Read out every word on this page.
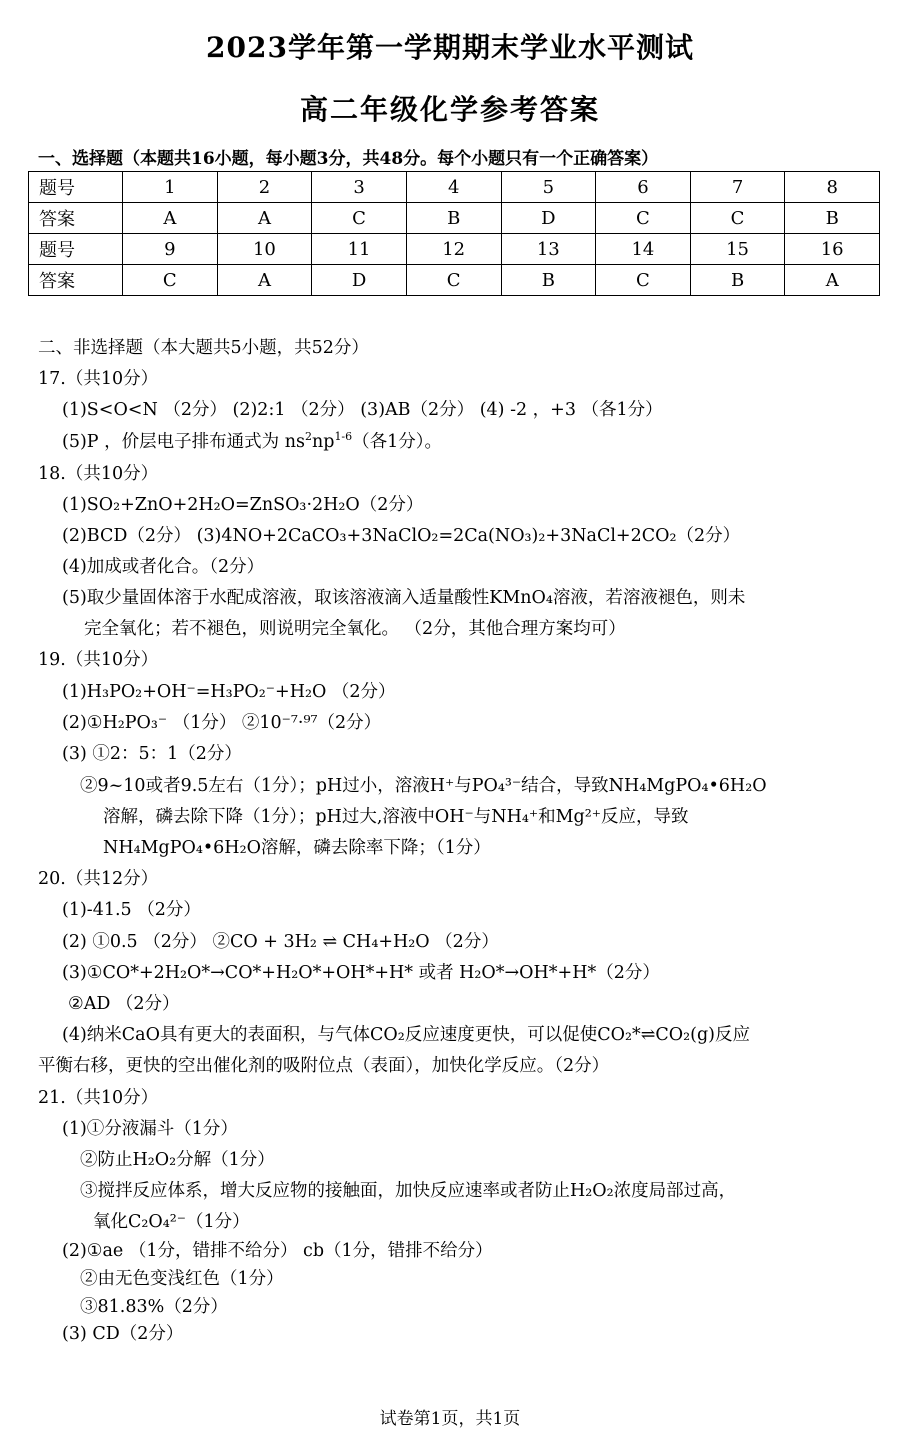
2023学年第一学期期末学业水平测试
高二年级化学参考答案
一、选择题（本题共16小题，每小题3分，共48分。每个小题只有一个正确答案）
题号	1	2	3	4	5	6	7	8
答案	A	A	C	B	D	C	C	B
题号	9	10	11	12	13	14	15	16
答案	C	A	D	C	B	C	B	A
二、非选择题（本大题共5小题，共52分）
17.（共10分）
(1)S<O<N （2分） (2)2:1 （2分） (3)AB（2分） (4) -2 ，+3 （各1分）
(5)P ，价层电子排布通式为 $ns^2np^{1-6}$（各1分）。
18.（共10分）
(1)SO₂+ZnO+2H₂O=ZnSO₃·2H₂O（2分）
(2)BCD（2分） (3)4NO+2CaCO₃+3NaClO₂=2Ca(NO₃)₂+3NaCl+2CO₂（2分）
(4)加成或者化合。（2分）
(5)取少量固体溶于水配成溶液，取该溶液滴入适量酸性KMnO₄溶液，若溶液褪色，则未
完全氧化；若不褪色，则说明完全氧化。 （2分，其他合理方案均可）
19.（共10分）
(1)H₃PO₂+OH⁻=H₃PO₂⁻+H₂O （2分）
(2)①H₂PO₃⁻ （1分） ②10⁻⁷·⁹⁷（2分）
(3) ①2：5：1（2分）
②9~10或者9.5左右（1分）；pH过小，溶液H⁺与PO₄³⁻结合，导致NH₄MgPO₄•6H₂O
溶解，磷去除下降（1分）；pH过大,溶液中OH⁻与NH₄⁺和Mg²⁺反应，导致
NH₄MgPO₄•6H₂O溶解，磷去除率下降；（1分）
20.（共12分）
(1)-41.5 （2分）
(2) ①0.5 （2分） ②CO + 3H₂ ⇌ CH₄+H₂O （2分）
(3)①CO*+2H₂O*→CO*+H₂O*+OH*+H* 或者 H₂O*→OH*+H*（2分）
②AD （2分）
(4)纳米CaO具有更大的表面积，与气体CO₂反应速度更快，可以促使CO₂*⇌CO₂(g)反应
平衡右移，更快的空出催化剂的吸附位点（表面），加快化学反应。（2分）
21.（共10分）
(1)①分液漏斗（1分）
②防止H₂O₂分解（1分）
③搅拌反应体系，增大反应物的接触面，加快反应速率或者防止H₂O₂浓度局部过高，
氧化C₂O₄²⁻（1分）
(2)①ae （1分，错排不给分） cb（1分，错排不给分）
②由无色变浅红色（1分）
③81.83%（2分）
(3) CD（2分）
试卷第1页，共1页
